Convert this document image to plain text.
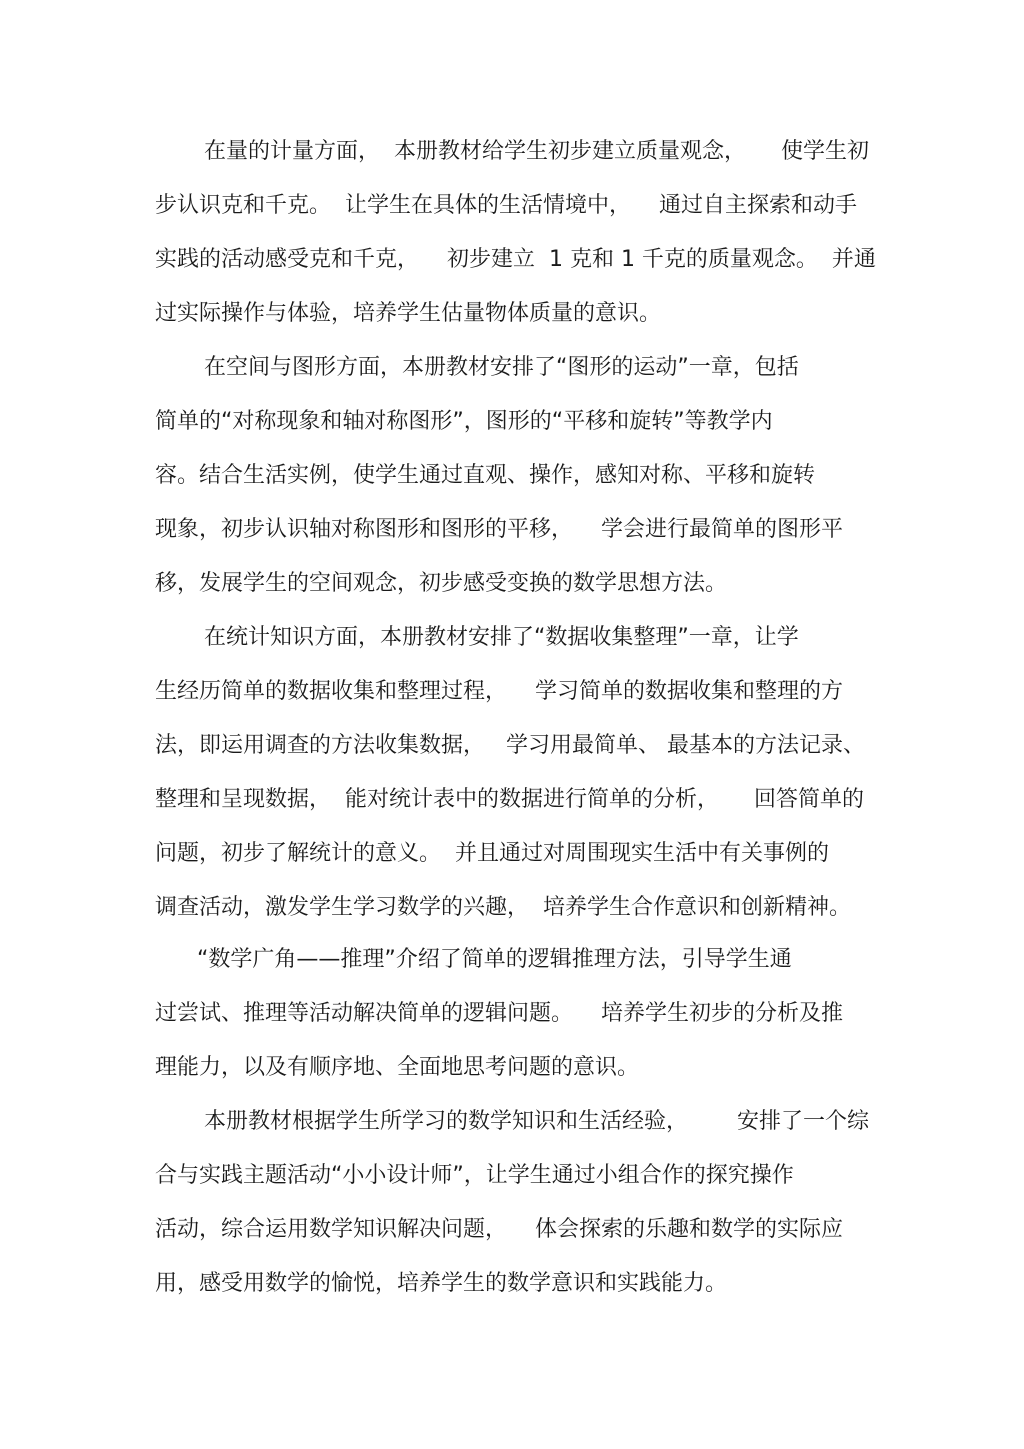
在量的计量方面，  本册教材给学生初步建立质量观念，     使学生初
步认识克和千克。  让学生在具体的生活情境中，    通过自主探索和动手
实践的活动感受克和千克，    初步建立  1 克和 1 千克的质量观念。  并通
过实际操作与体验，培养学生估量物体质量的意识。
在空间与图形方面，本册教材安排了“图形的运动”一章，包括
简单的“对称现象和轴对称图形”，图形的“平移和旋转”等教学内
容。结合生活实例，使学生通过直观、操作，感知对称、平移和旋转
现象，初步认识轴对称图形和图形的平移，    学会进行最简单的图形平
移，发展学生的空间观念，初步感受变换的数学思想方法。
在统计知识方面，本册教材安排了“数据收集整理”一章，让学
生经历简单的数据收集和整理过程，    学习简单的数据收集和整理的方
法，即运用调查的方法收集数据，   学习用最简单、 最基本的方法记录、
整理和呈现数据，  能对统计表中的数据进行简单的分析，     回答简单的
问题，初步了解统计的意义。  并且通过对周围现实生活中有关事例的
调查活动，激发学生学习数学的兴趣，  培养学生合作意识和创新精神。
“数学广角——推理”介绍了简单的逻辑推理方法，引导学生通
过尝试、推理等活动解决简单的逻辑问题。    培养学生初步的分析及推
理能力，以及有顺序地、全面地思考问题的意识。
本册教材根据学生所学习的数学知识和生活经验，       安排了一个综
合与实践主题活动“小小设计师”，让学生通过小组合作的探究操作
活动，综合运用数学知识解决问题，    体会探索的乐趣和数学的实际应
用，感受用数学的愉悦，培养学生的数学意识和实践能力。
